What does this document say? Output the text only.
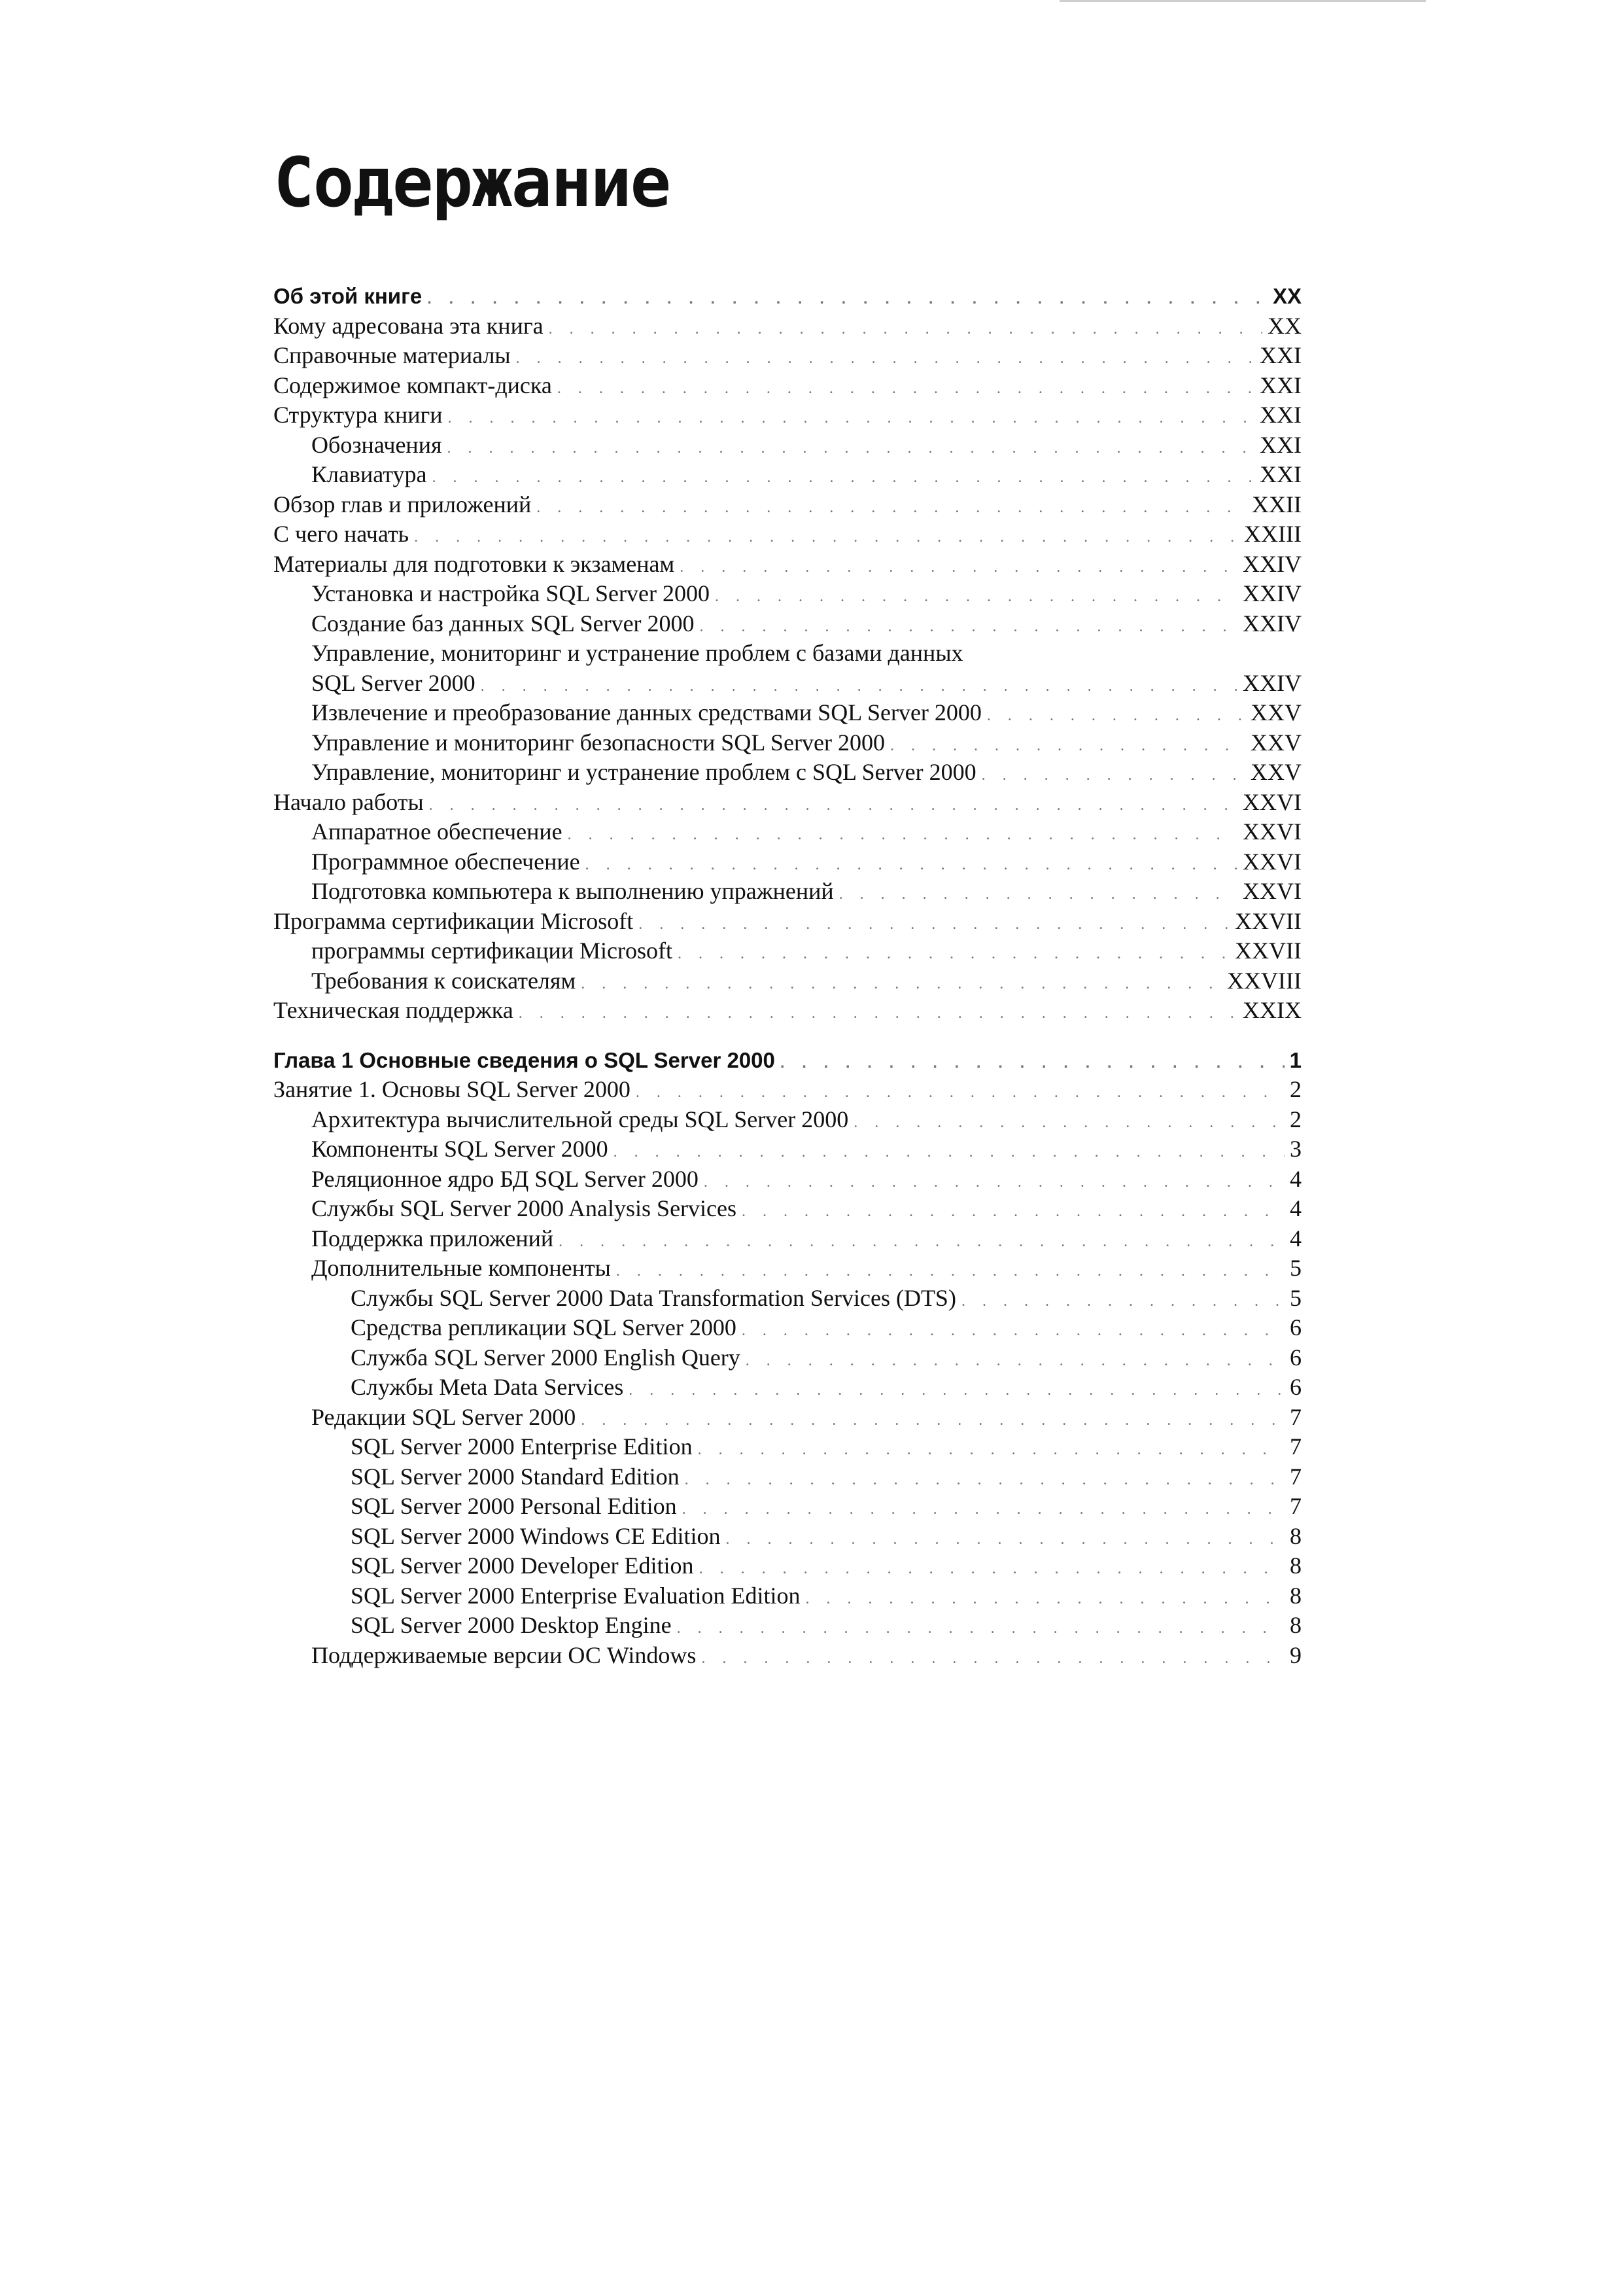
Содержание
Об этой книге . . .	XX
Кому адресована эта книга . . .	XX
Справочные материалы . . .	XXI
Содержимое компакт-диска . . .	XXI
Структура книги . . .	XXI
Обозначения . . .	XXI
Клавиатура . . .	XXI
Обзор глав и приложений . . .	XXII
С чего начать . . .	XXIII
Материалы для подготовки к экзаменам . . .	XXIV
Установка и настройка SQL Server 2000 . . .	XXIV
Создание баз данных SQL Server 2000 . . .	XXIV
Управление, мониторинг и устранение проблем с базами данных
SQL Server 2000 . . .	XXIV
Извлечение и преобразование данных средствами SQL Server 2000 . . .	XXV
Управление и мониторинг безопасности SQL Server 2000 . . .	XXV
Управление, мониторинг и устранение проблем с SQL Server 2000 . . .	XXV
Начало работы . . .	XXVI
Аппаратное обеспечение . . .	XXVI
Программное обеспечение . . .	XXVI
Подготовка компьютера к выполнению упражнений . . .	XXVI
Программа сертификации Microsoft . . .	XXVII
программы сертификации Microsoft . . .	XXVII
Требования к соискателям . . .	XXVIII
Техническая поддержка . . .	XXIX
Глава 1 Основные сведения о SQL Server 2000 . . .	1
Занятие 1. Основы SQL Server 2000 . . .	2
Архитектура вычислительной среды SQL Server 2000 . . .	2
Компоненты SQL Server 2000 . . .	3
Реляционное ядро БД SQL Server 2000 . . .	4
Службы SQL Server 2000 Analysis Services . . .	4
Поддержка приложений . . .	4
Дополнительные компоненты . . .	5
Службы SQL Server 2000 Data Transformation Services (DTS) . . .	5
Средства репликации SQL Server 2000 . . .	6
Служба SQL Server 2000 English Query . . .	6
Службы Meta Data Services . . .	6
Редакции SQL Server 2000 . . .	7
SQL Server 2000 Enterprise Edition . . .	7
SQL Server 2000 Standard Edition . . .	7
SQL Server 2000 Personal Edition . . .	7
SQL Server 2000 Windows CE Edition . . .	8
SQL Server 2000 Developer Edition . . .	8
SQL Server 2000 Enterprise Evaluation Edition . . .	8
SQL Server 2000 Desktop Engine . . .	8
Поддерживаемые версии ОС Windows . . .	9
